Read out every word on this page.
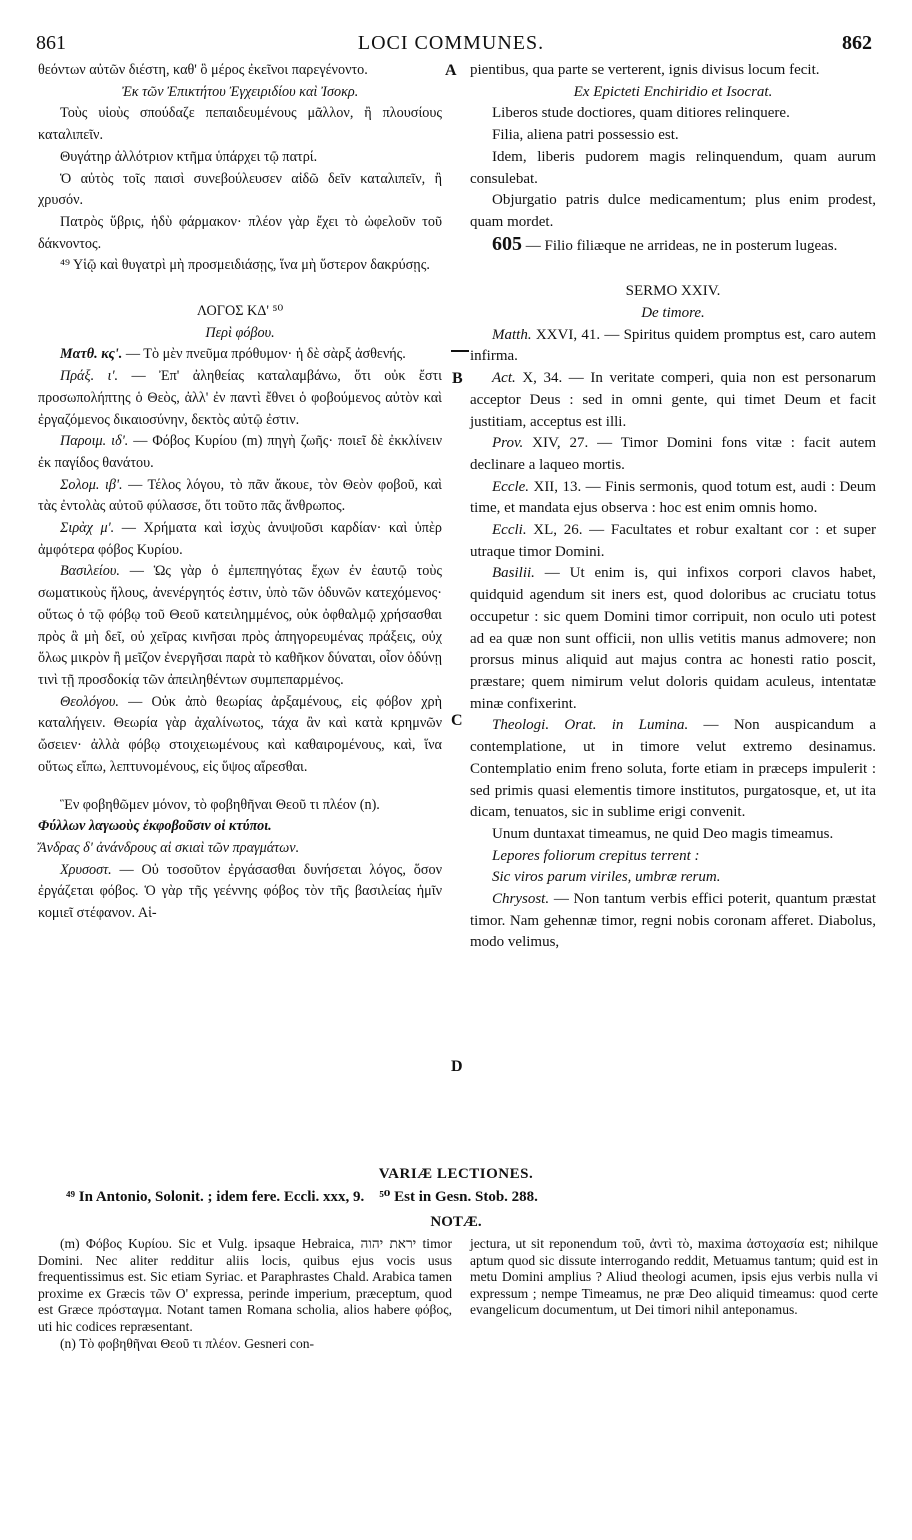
861	LOCI COMMUNES.	862

θεόντων αὐτῶν διέστη, καθ' ὃ μέρος ἐκεῖνοι παρεγένοντο.

Ἐκ τῶν Ἐπικτήτου Ἐγχειριδίου καὶ Ἰσοκρ.

Τοὺς υἱοὺς σπούδαζε πεπαιδευμένους μᾶλλον, ἢ πλουσίους καταλιπεῖν.

Θυγάτηρ ἀλλότριον κτῆμα ὑπάρχει τῷ πατρί.

Ὁ αὐτὸς τοῖς παισὶ συνεβούλευσεν αἰδῶ δεῖν καταλιπεῖν, ἢ χρυσόν.

Πατρὸς ὕβρις, ἡδὺ φάρμακον· πλέον γὰρ ἔχει τὸ ὠφελοῦν τοῦ δάκνοντος.

⁴⁹ Υἱῷ καὶ θυγατρὶ μὴ προσμειδιάσῃς, ἵνα μὴ ὕστερον δακρύσῃς.

ΛΟΓΟΣ ΚΔ' ⁵⁰

Περὶ φόβου.

Ματθ. κς'. — Τὸ μὲν πνεῦμα πρόθυμον· ἡ δὲ σὰρξ ἀσθενής.

Πράξ. ι'. — Ἐπ' ἀληθείας καταλαμβάνω, ὅτι οὐκ ἔστι προσωπολήπτης ὁ Θεὸς, ἀλλ' ἐν παντὶ ἔθνει ὁ φοβούμενος αὐτὸν καὶ ἐργαζόμενος δικαιοσύνην, δεκτὸς αὐτῷ ἐστιν.

Παροιμ. ιδ'. — Φόβος Κυρίου (m) πηγὴ ζωῆς· ποιεῖ δὲ ἐκκλίνειν ἐκ παγίδος θανάτου.

Σολομ. ιβ'. — Τέλος λόγου, τὸ πᾶν ἄκουε, τὸν Θεὸν φοβοῦ, καὶ τὰς ἐντολὰς αὐτοῦ φύλασσε, ὅτι τοῦτο πᾶς ἄνθρωπος.

Σιρὰχ μ'. — Χρήματα καὶ ἰσχὺς ἀνυψοῦσι καρδίαν· καὶ ὑπὲρ ἀμφότερα φόβος Κυρίου.

Βασιλείου. — Ὡς γὰρ ὁ ἐμπεπηγότας ἔχων ἐν ἑαυτῷ τοὺς σωματικοὺς ἥλους, ἀνενέργητός ἐστιν, ὑπὸ τῶν ὀδυνῶν κατεχόμενος· οὕτως ὁ τῷ φόβῳ τοῦ Θεοῦ κατειλημμένος, οὐκ ὀφθαλμῷ χρήσασθαι πρὸς ἃ μὴ δεῖ, οὐ χεῖρας κινῆσαι πρὸς ἀπηγορευμένας πράξεις, οὐχ ὅλως μικρὸν ἢ μεῖζον ἐνεργῆσαι παρὰ τὸ καθῆκον δύναται, οἷον ὀδύνῃ τινὶ τῇ προσδοκίᾳ τῶν ἀπειληθέντων συμπεπαρμένος.

Θεολόγου. — Οὐκ ἀπὸ θεωρίας ἀρξαμένους, εἰς φόβον χρὴ καταλήγειν. Θεωρία γὰρ ἀχαλίνωτος, τάχα ἂν καὶ κατὰ κρημνῶν ὤσειεν· ἀλλὰ φόβῳ στοιχειωμένους καὶ καθαιρομένους, καὶ, ἵνα οὕτως εἴπω, λεπτυνομένους, εἰς ὕψος αἴρεσθαι.

Ἓν φοβηθῶμεν μόνον, τὸ φοβηθῆναι Θεοῦ τι πλέον (n).

Φύλλων λαγωοὺς ἐκφοβοῦσιν οἱ κτύποι.

Ἄνδρας δ' ἀνάνδρους αἱ σκιαὶ τῶν πραγμάτων.

Χρυσοστ. — Οὐ τοσοῦτον ἐργάσασθαι δυνήσεται λόγος, ὅσον ἐργάζεται φόβος. Ὁ γὰρ τῆς γεέννης φόβος τὸν τῆς βασιλείας ἡμῖν κομιεῖ στέφανον. Αἱ-

A
B
C
D

pientibus, qua parte se verterent, ignis divisus locum fecit.

Ex Epicteti Enchiridio et Isocrat.

Liberos stude doctiores, quam ditiores relinquere.

Filia, aliena patri possessio est.

Idem, liberis pudorem magis relinquendum, quam aurum consulebat.

Objurgatio patris dulce medicamentum; plus enim prodest, quam mordet.

605 — Filio filiæque ne arrideas, ne in posterum lugeas.

SERMO XXIV.

De timore.

Matth. XXVI, 41. — Spiritus quidem promptus est, caro autem infirma.

Act. X, 34. — In veritate comperi, quia non est personarum acceptor Deus : sed in omni gente, qui timet Deum et facit justitiam, acceptus est illi.

Prov. XIV, 27. — Timor Domini fons vitæ : facit autem declinare a laqueo mortis.

Eccle. XII, 13. — Finis sermonis, quod totum est, audi : Deum time, et mandata ejus observa : hoc est enim omnis homo.

Eccli. XL, 26. — Facultates et robur exaltant cor : et super utraque timor Domini.

Basilii. — Ut enim is, qui infixos corpori clavos habet, quidquid agendum sit iners est, quod doloribus ac cruciatu totus occupetur : sic quem Domini timor corripuit, non oculo uti potest ad ea quæ non sunt officii, non ullis vetitis manus admovere; non prorsus minus aliquid aut majus contra ac honesti ratio poscit, præstare; quem nimirum velut doloris quidam aculeus, intentatæ minæ confixerint.

Theologi. Orat. in Lumina. — Non auspicandum a contemplatione, ut in timore velut extremo desinamus. Contemplatio enim freno soluta, forte etiam in præceps impulerit : sed primis quasi elementis timore institutos, purgatosque, et, ut ita dicam, tenuatos, sic in sublime erigi convenit.

Unum duntaxat timeamus, ne quid Deo magis timeamus.

Lepores foliorum crepitus terrent :

Sic viros parum viriles, umbræ rerum.

Chrysost. — Non tantum verbis effici poterit, quantum præstat timor. Nam gehennæ timor, regni nobis coronam afferet. Diabolus, modo velimus,

VARIÆ LECTIONES.
⁴⁹ In Antonio, Solonit. ; idem fere. Eccli. xxx, 9. ⁵⁰ Est in Gesn. Stob. 288.
NOTÆ.

(m) Φόβος Κυρίου. Sic et Vulg. ipsaque Hebraica, יראת יהוה timor Domini. Nec aliter redditur aliis locis, quibus ejus vocis usus frequentissimus est. Sic etiam Syriac. et Paraphrastes Chald. Arabica tamen proxime ex Græcis τῶν O' expressa, perinde imperium, præceptum, quod est Græce πρόσταγμα. Notant tamen Romana scholia, alios habere φόβος, uti hic codices repræsentant.

(n) Τὸ φοβηθῆναι Θεοῦ τι πλέον. Gesneri con-

jectura, ut sit reponendum τοῦ, ἀντὶ τὸ, maxima ἀστοχασία est; nihilque aptum quod sic dissute interrogando reddit, Metuamus tantum; quid est in metu Domini amplius ? Aliud theologi acumen, ipsis ejus verbis nulla vi expressum ; nempe Timeamus, ne præ Deo aliquid timeamus: quod certe evangelicum documentum, ut Dei timori nihil anteponamus.
